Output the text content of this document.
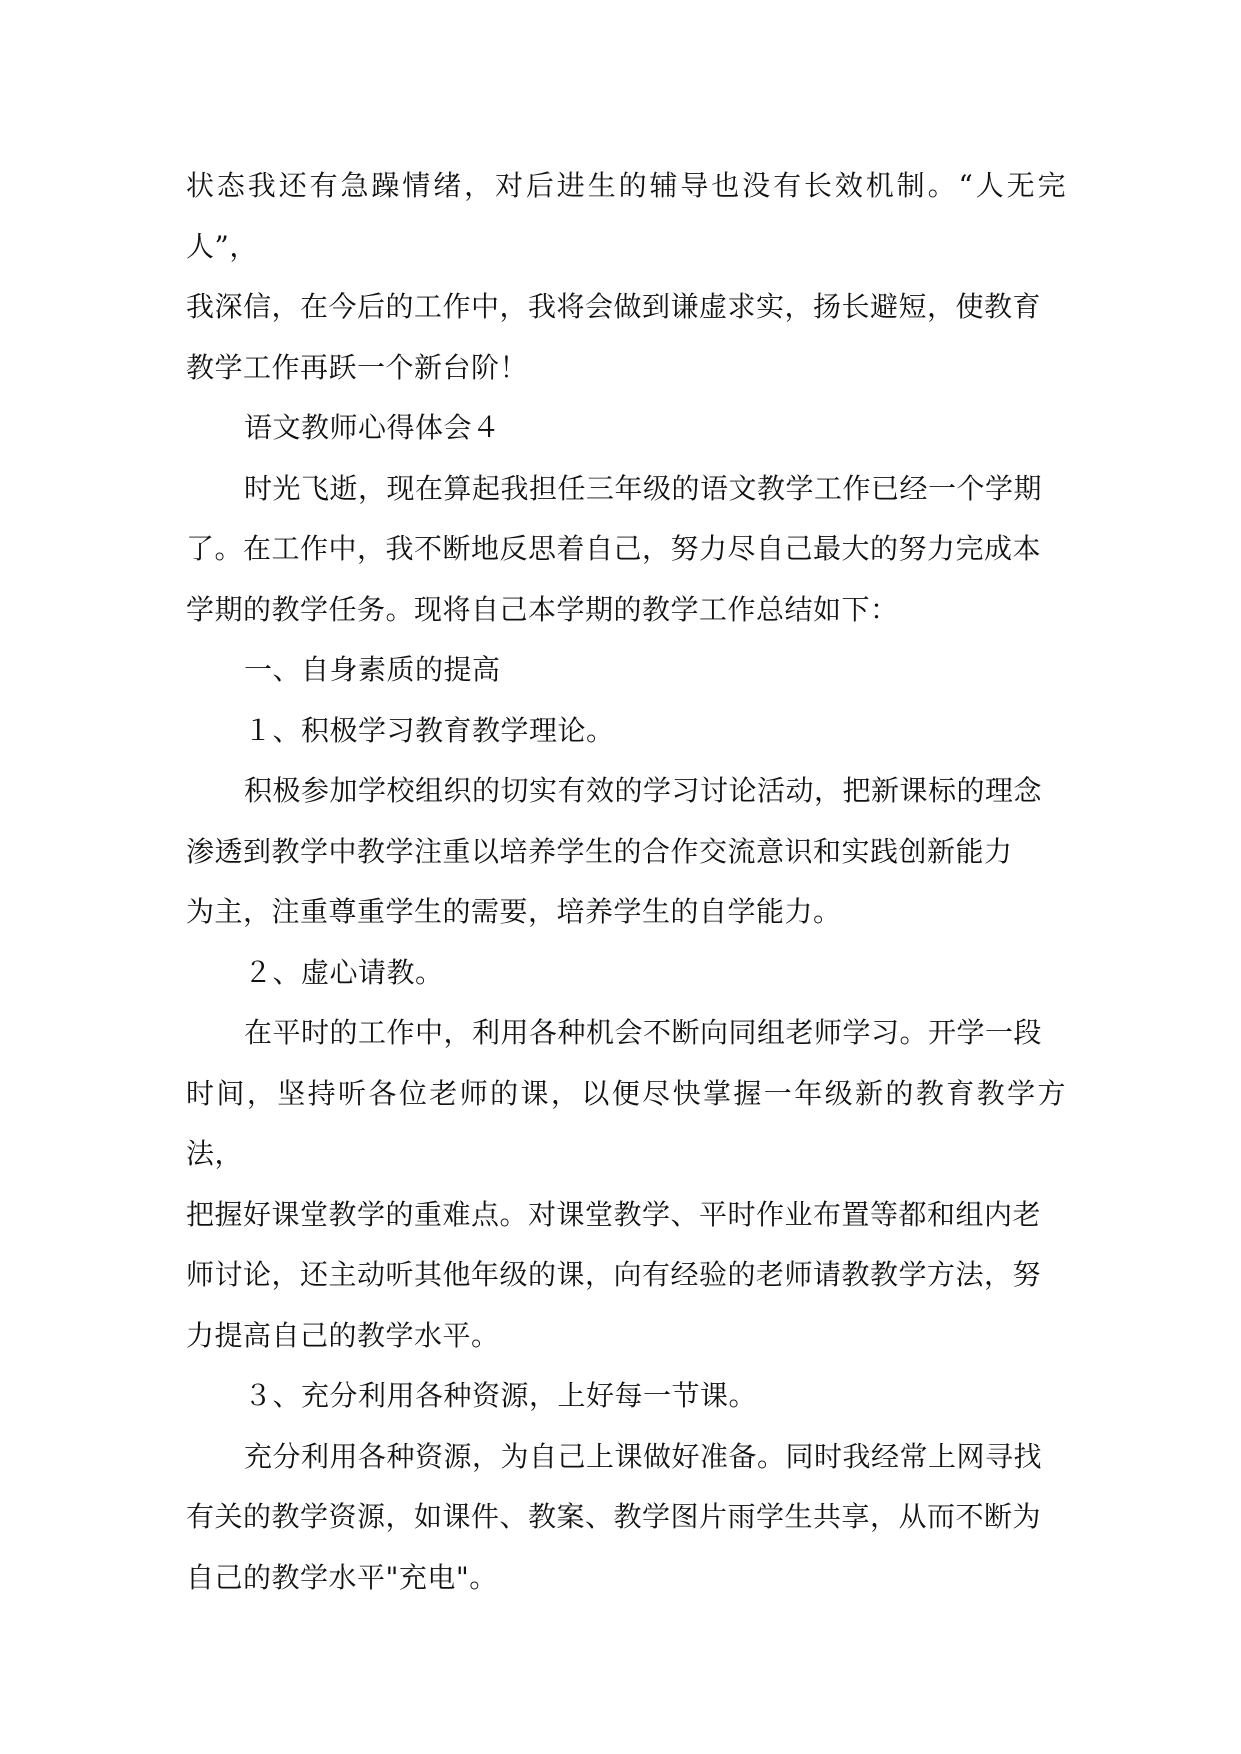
状态我还有急躁情绪，对后进生的辅导也没有长效机制。“人无完人”，
我深信，在今后的工作中，我将会做到谦虚求实，扬长避短，使教育
教学工作再跃一个新台阶！

语文教师心得体会４

时光飞逝，现在算起我担任三年级的语文教学工作已经一个学期
了。在工作中，我不断地反思着自己，努力尽自己最大的努力完成本
学期的教学任务。现将自己本学期的教学工作总结如下：

一、自身素质的提高

１、积极学习教育教学理论。

积极参加学校组织的切实有效的学习讨论活动，把新课标的理念
渗透到教学中教学注重以培养学生的合作交流意识和实践创新能力
为主，注重尊重学生的需要，培养学生的自学能力。

２、虚心请教。

在平时的工作中，利用各种机会不断向同组老师学习。开学一段
时间，坚持听各位老师的课，以便尽快掌握一年级新的教育教学方法，
把握好课堂教学的重难点。对课堂教学、平时作业布置等都和组内老
师讨论，还主动听其他年级的课，向有经验的老师请教教学方法，努
力提高自己的教学水平。

３、充分利用各种资源，上好每一节课。

充分利用各种资源，为自己上课做好准备。同时我经常上网寻找
有关的教学资源，如课件、教案、教学图片雨学生共享，从而不断为
自己的教学水平"充电"。
